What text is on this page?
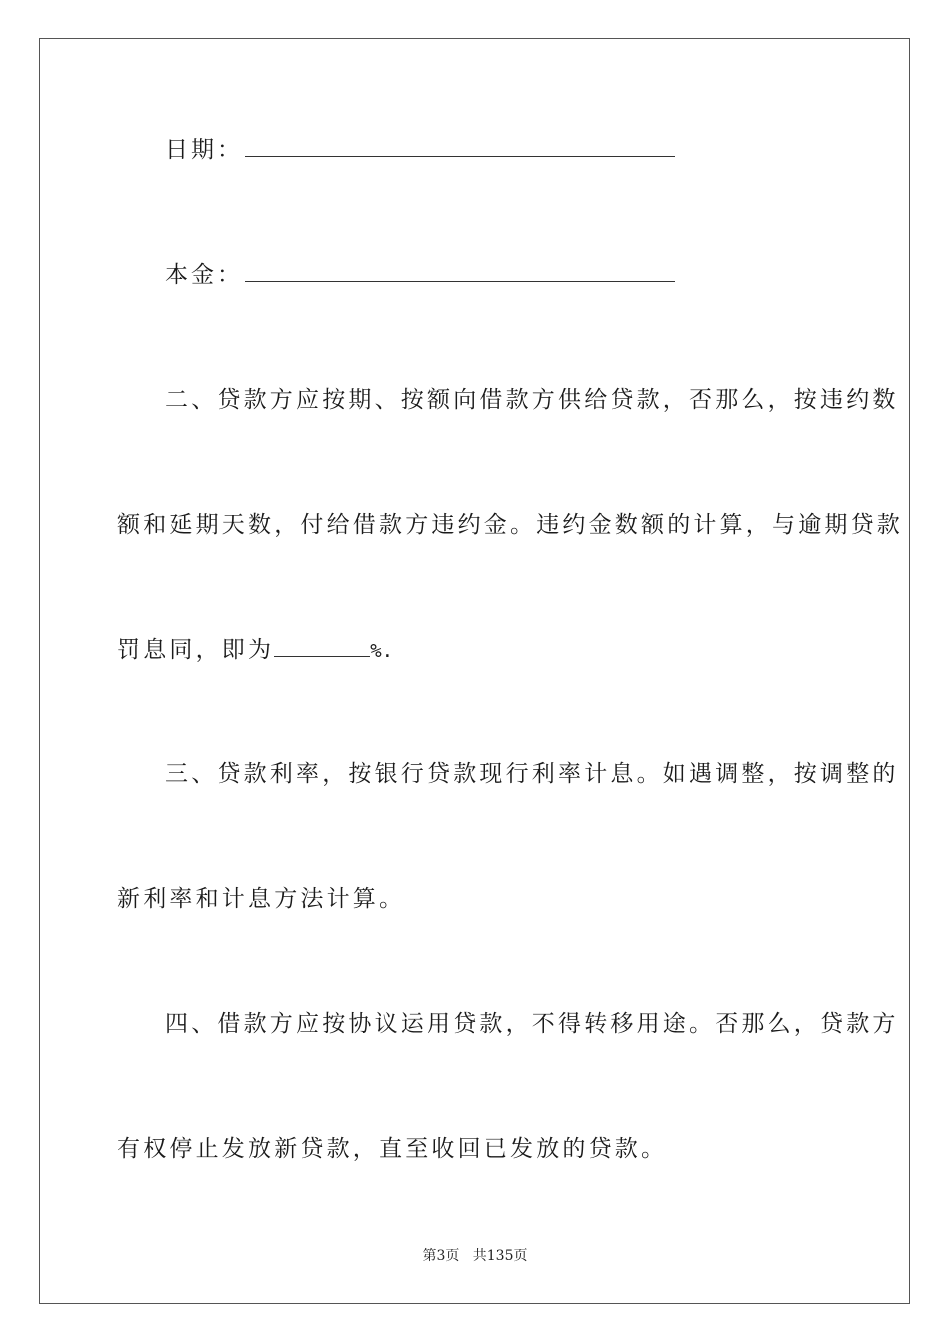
日期：
本金：
二、贷款方应按期、按额向借款方供给贷款，否那么，按违约数
额和延期天数，付给借款方违约金。违约金数额的计算，与逾期贷款
罚息同，即为	%.
三、贷款利率，按银行贷款现行利率计息。如遇调整，按调整的
新利率和计息方法计算。
四、借款方应按协议运用贷款，不得转移用途。否那么，贷款方
有权停止发放新贷款，直至收回已发放的贷款。
第3页 共135页
